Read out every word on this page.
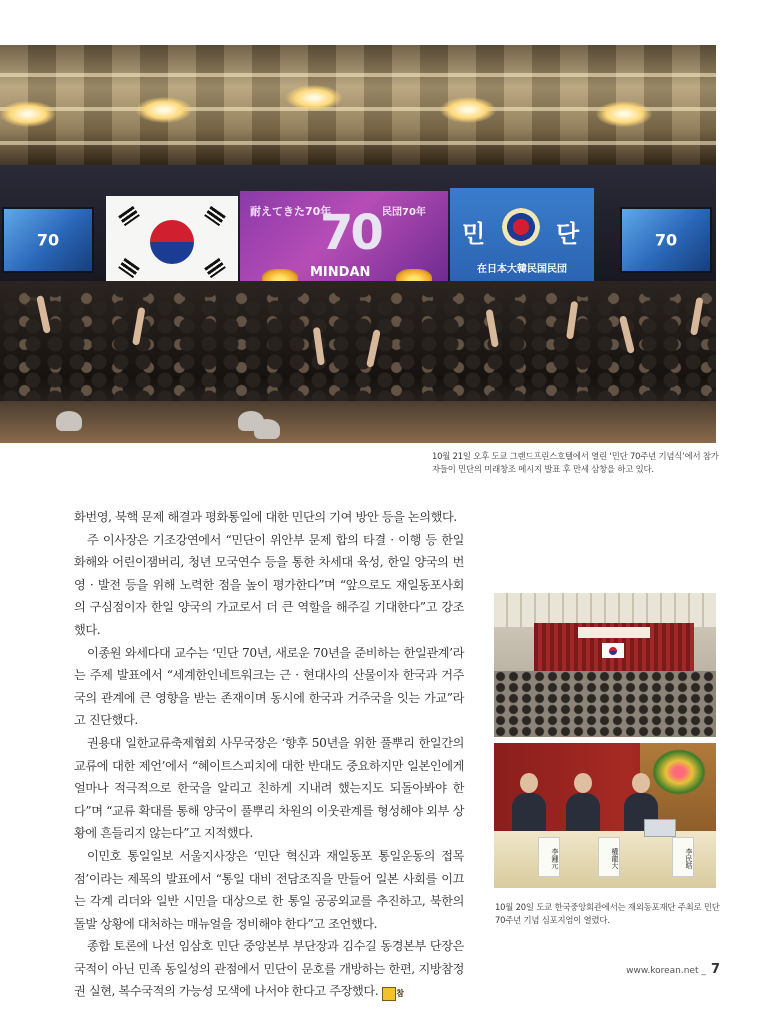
70	70
耐えてきた70年
70 民団70年
MINDAN
민	단
在日本大韓民国民団
10월 21일 오후 도쿄 그랜드프린스호텔에서 열린 ‘민단 70주년 기념식’에서 참가자들이 민단의 미래창조 메시지 발표 후 만세 삼창을 하고 있다.

화번영, 북핵 문제 해결과 평화통일에 대한 민단의 기여 방안 등을 논의했다.

주 이사장은 기조강연에서 “민단이 위안부 문제 합의 타결 · 이행 등 한일 화해와 어린이잼버리, 청년 모국연수 등을 통한 차세대 육성, 한일 양국의 번영 · 발전 등을 위해 노력한 점을 높이 평가한다”며 “앞으로도 재일동포사회의 구심점이자 한일 양국의 가교로서 더 큰 역할을 해주길 기대한다”고 강조했다.

이종원 와세다대 교수는 ‘민단 70년, 새로운 70년을 준비하는 한일관계’라는 주제 발표에서 “세계한인네트워크는 근 · 현대사의 산물이자 한국과 거주국의 관계에 큰 영향을 받는 존재이며 동시에 한국과 거주국을 잇는 가교”라고 진단했다.

권용대 일한교류축제협회 사무국장은 ‘향후 50년을 위한 풀뿌리 한일간의 교류에 대한 제언’에서 “혜이트스피치에 대한 반대도 중요하지만 일본인에게 얼마나 적극적으로 한국을 알리고 친하게 지내려 했는지도 되돌아봐야 한다”며 “교류 확대를 통해 양국이 풀뿌리 차원의 이웃관계를 형성해야 외부 상황에 흔들리지 않는다”고 지적했다.

이민호 통일일보 서울지사장은 ‘민단 혁신과 재일동포 통일운동의 접목점’이라는 제목의 발표에서 “통일 대비 전담조직을 만들어 일본 사회를 이끄는 각계 리더와 일반 시민을 대상으로 한 통일 공공외교를 추진하고, 북한의 돌발 상황에 대처하는 매뉴얼을 정비해야 한다”고 조언했다.

종합 토론에 나선 임삼호 민단 중앙본부 부단장과 김수길 동경본부 단장은 국적이 아닌 민족 동일성의 관점에서 민단이 문호를 개방하는 한편, 지방참정권 실현, 복수국적의 가능성 모색에 나서야 한다고 주장했다. 참

李鍾元	權龍大	李民晧
10월 20일 도쿄 한국중앙회관에서는 재외동포재단 주최로 민단 70주년 기념 심포지엄이 열렸다.
www.korean.net _ 7
